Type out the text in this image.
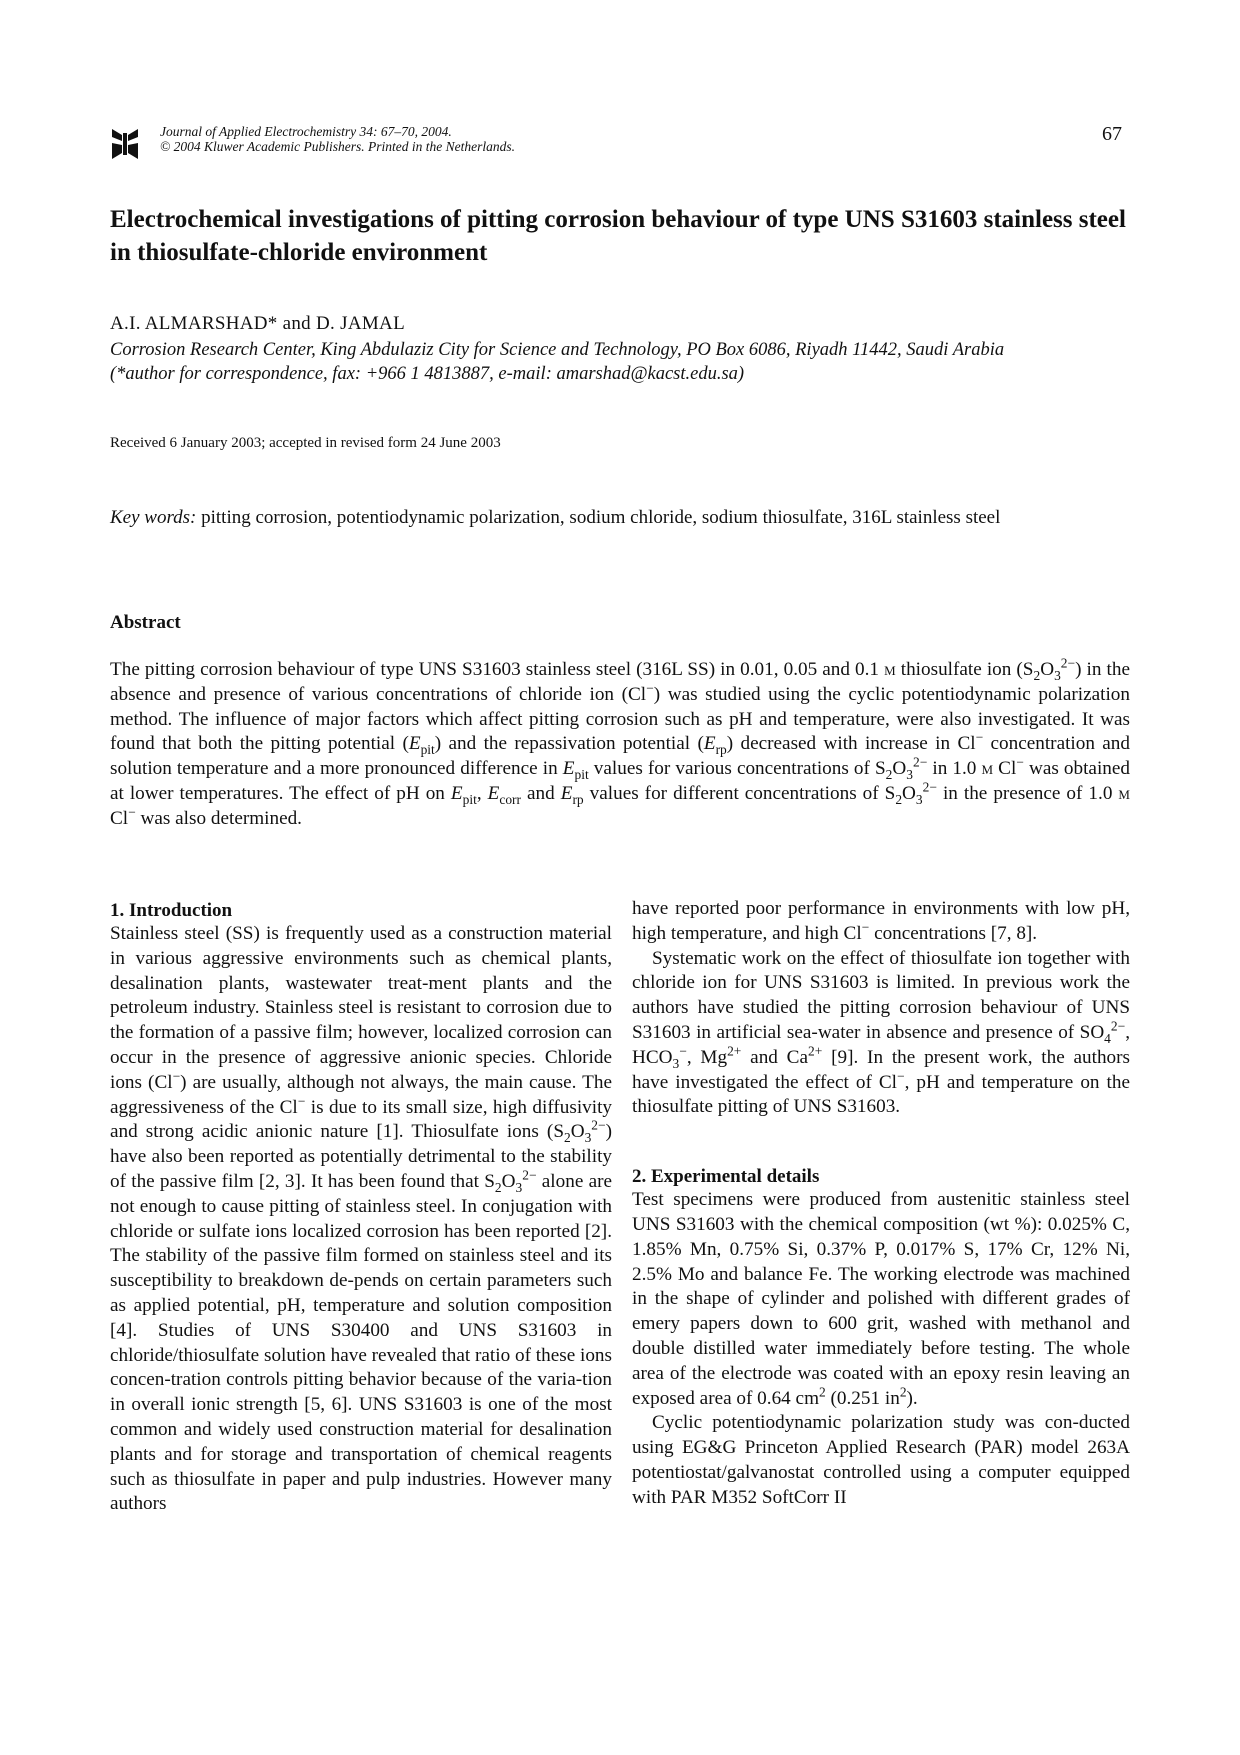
Journal of Applied Electrochemistry 34: 67–70, 2004.
© 2004 Kluwer Academic Publishers. Printed in the Netherlands.
67
Electrochemical investigations of pitting corrosion behaviour of type UNS S31603 stainless steel in thiosulfate-chloride environment
A.I. ALMARSHAD* and D. JAMAL
Corrosion Research Center, King Abdulaziz City for Science and Technology, PO Box 6086, Riyadh 11442, Saudi Arabia
(*author for correspondence, fax: +966 1 4813887, e-mail: amarshad@kacst.edu.sa)
Received 6 January 2003; accepted in revised form 24 June 2003
Key words: pitting corrosion, potentiodynamic polarization, sodium chloride, sodium thiosulfate, 316L stainless steel
Abstract
The pitting corrosion behaviour of type UNS S31603 stainless steel (316L SS) in 0.01, 0.05 and 0.1 m thiosulfate ion $(S_2O_3^{2-})$ in the absence and presence of various concentrations of chloride ion (Cl−) was studied using the cyclic potentiodynamic polarization method. The influence of major factors which affect pitting corrosion such as pH and temperature, were also investigated. It was found that both the pitting potential $(E_{pit})$ and the repassivation potential $(E_{rp})$ decreased with increase in Cl− concentration and solution temperature and a more pronounced difference in $E_{pit}$ values for various concentrations of $S_2O_3^{2-}$ in 1.0 m Cl− was obtained at lower temperatures. The effect of pH on $E_{pit}$, $E_{corr}$ and $E_{rp}$ values for different concentrations of $S_2O_3^{2-}$ in the presence of 1.0 m Cl− was also determined.
1. Introduction

Stainless steel (SS) is frequently used as a construction material in various aggressive environments such as chemical plants, desalination plants, wastewater treat-ment plants and the petroleum industry. Stainless steel is resistant to corrosion due to the formation of a passive film; however, localized corrosion can occur in the presence of aggressive anionic species. Chloride ions (Cl−) are usually, although not always, the main cause. The aggressiveness of the Cl− is due to its small size, high diffusivity and strong acidic anionic nature [1]. Thiosulfate ions $(S_2O_3^{2-})$ have also been reported as potentially detrimental to the stability of the passive film [2, 3]. It has been found that $S_2O_3^{2-}$ alone are not enough to cause pitting of stainless steel. In conjugation with chloride or sulfate ions localized corrosion has been reported [2]. The stability of the passive film formed on stainless steel and its susceptibility to breakdown de-pends on certain parameters such as applied potential, pH, temperature and solution composition [4]. Studies of UNS S30400 and UNS S31603 in chloride/thiosulfate solution have revealed that ratio of these ions concen-tration controls pitting behavior because of the varia-tion in overall ionic strength [5, 6]. UNS S31603 is one of the most common and widely used construction material for desalination plants and for storage and transportation of chemical reagents such as thiosulfate in paper and pulp industries. However many authors

have reported poor performance in environments with low pH, high temperature, and high Cl− concentrations [7, 8].

Systematic work on the effect of thiosulfate ion together with chloride ion for UNS S31603 is limited. In previous work the authors have studied the pitting corrosion behaviour of UNS S31603 in artificial sea-water in absence and presence of $SO_4^{2-}$, $HCO_3^-$, $Mg^{2+}$ and $Ca^{2+}$ [9]. In the present work, the authors have investigated the effect of Cl−, pH and temperature on the thiosulfate pitting of UNS S31603.

2. Experimental details

Test specimens were produced from austenitic stainless steel UNS S31603 with the chemical composition (wt %): 0.025% C, 1.85% Mn, 0.75% Si, 0.37% P, 0.017% S, 17% Cr, 12% Ni, 2.5% Mo and balance Fe. The working electrode was machined in the shape of cylinder and polished with different grades of emery papers down to 600 grit, washed with methanol and double distilled water immediately before testing. The whole area of the electrode was coated with an epoxy resin leaving an exposed area of 0.64 $cm^2$ (0.251 $in^2$).

Cyclic potentiodynamic polarization study was con-ducted using EG&G Princeton Applied Research (PAR) model 263A potentiostat/galvanostat controlled using a computer equipped with PAR M352 SoftCorr II
